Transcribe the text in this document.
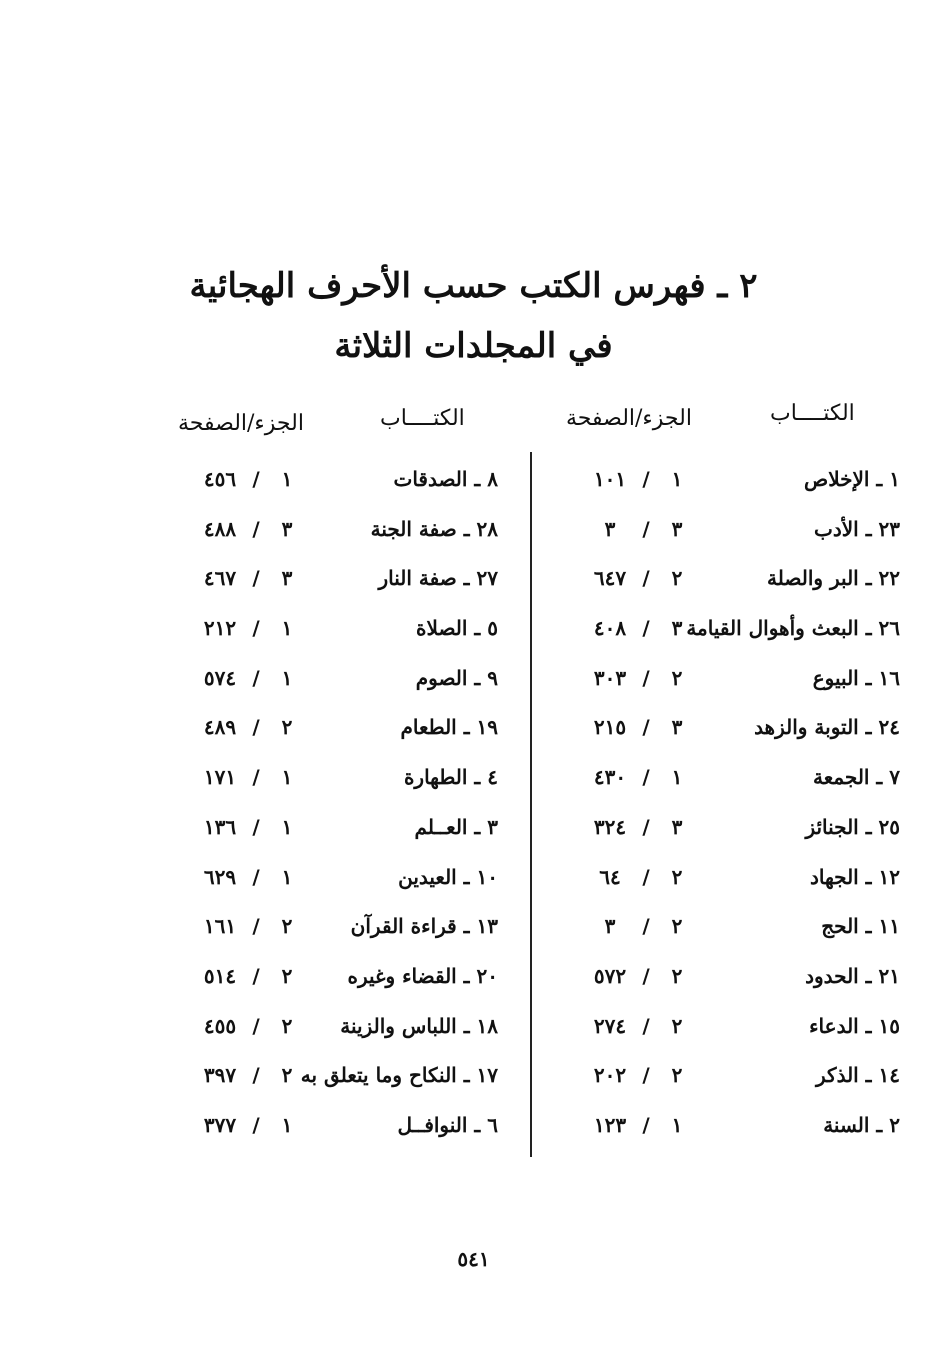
٢ ـ فهرس الكتب حسب الأحرف الهجائية
في المجلدات الثلاثة
الكتــــاب
الجزء/الصفحة
الكتــــاب
الجزء/الصفحة
١ ـ الإخلاص
١
/
١٠١
٢٣ ـ الأدب
٣
/
٣
٢٢ ـ البر والصلة
٢
/
٦٤٧
٢٦ ـ البعث وأهوال القيامة
٣
/
٤٠٨
١٦ ـ البيوع
٢
/
٣٠٣
٢٤ ـ التوبة والزهد
٣
/
٢١٥
٧ ـ الجمعة
١
/
٤٣٠
٢٥ ـ الجنائز
٣
/
٣٢٤
١٢ ـ الجهاد
٢
/
٦٤
١١ ـ الحج
٢
/
٣
٢١ ـ الحدود
٢
/
٥٧٢
١٥ ـ الدعاء
٢
/
٢٧٤
١٤ ـ الذكر
٢
/
٢٠٢
٢ ـ السنة
١
/
١٢٣
٨ ـ الصدقات
١
/
٤٥٦
٢٨ ـ صفة الجنة
٣
/
٤٨٨
٢٧ ـ صفة النار
٣
/
٤٦٧
٥ ـ الصلاة
١
/
٢١٢
٩ ـ الصوم
١
/
٥٧٤
١٩ ـ الطعام
٢
/
٤٨٩
٤ ـ الطهارة
١
/
١٧١
٣ ـ العــلم
١
/
١٣٦
١٠ ـ العيدين
١
/
٦٢٩
١٣ ـ قراءة القرآن
٢
/
١٦١
٢٠ ـ القضاء وغيره
٢
/
٥١٤
١٨ ـ اللباس والزينة
٢
/
٤٥٥
١٧ ـ النكاح وما يتعلق به
٢
/
٣٩٧
٦ ـ النوافــل
١
/
٣٧٧
٥٤١
